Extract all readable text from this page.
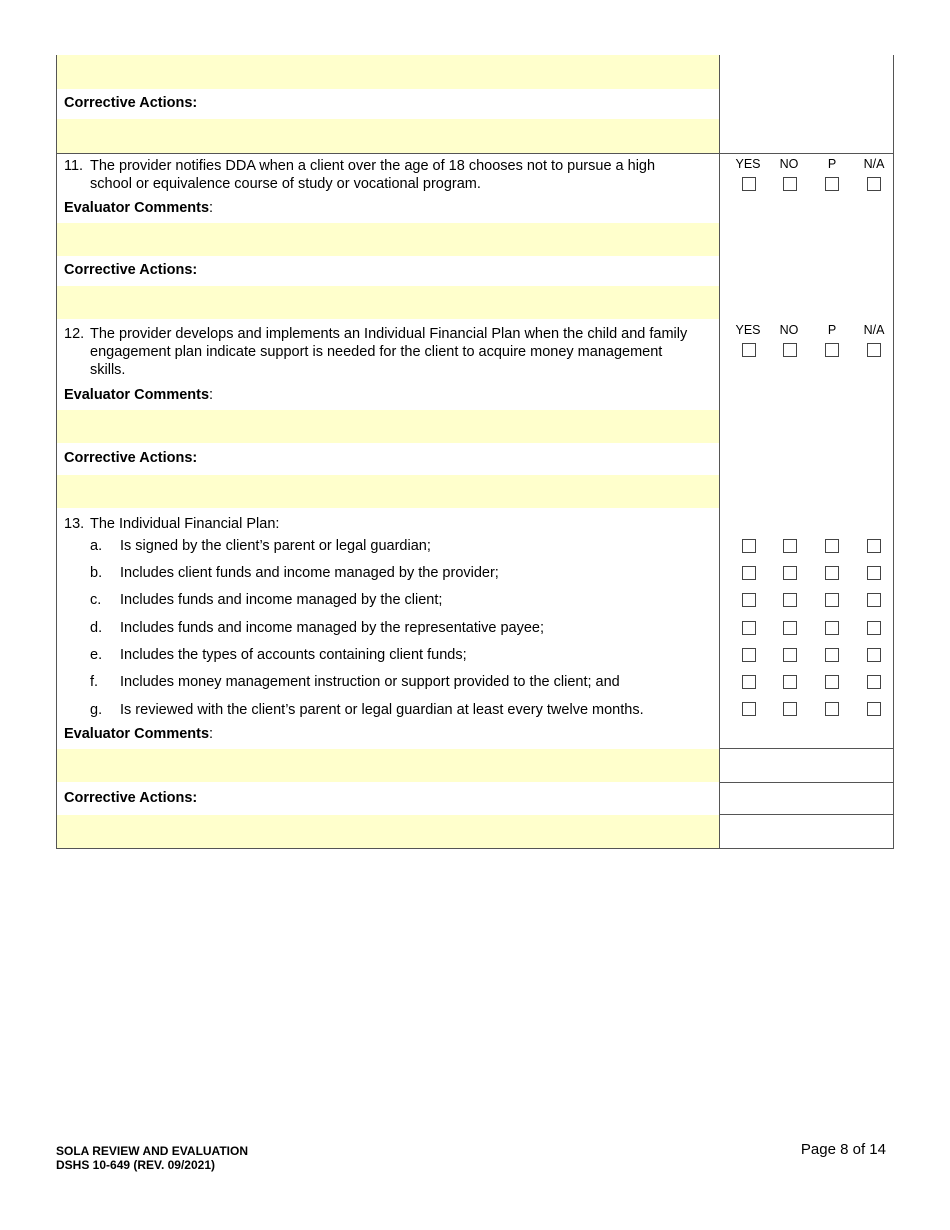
Corrective Actions:
11. The provider notifies DDA when a client over the age of 18 chooses not to pursue a high school or equivalence course of study or vocational program.
YES	NO	P	N/A
Evaluator Comments:
Corrective Actions:
12. The provider develops and implements an Individual Financial Plan when the child and family engagement plan indicate support is needed for the client to acquire money management skills.
YES	NO	P	N/A
Evaluator Comments:
Corrective Actions:
13. The Individual Financial Plan:
a. Is signed by the client’s parent or legal guardian;
b. Includes client funds and income managed by the provider;
c. Includes funds and income managed by the client;
d. Includes funds and income managed by the representative payee;
e. Includes the types of accounts containing client funds;
f. Includes money management instruction or support provided to the client; and
g. Is reviewed with the client’s parent or legal guardian at least every twelve months.
Evaluator Comments:
Corrective Actions:
SOLA REVIEW AND EVALUATION
DSHS 10-649 (REV. 09/2021)
Page 8 of 14
